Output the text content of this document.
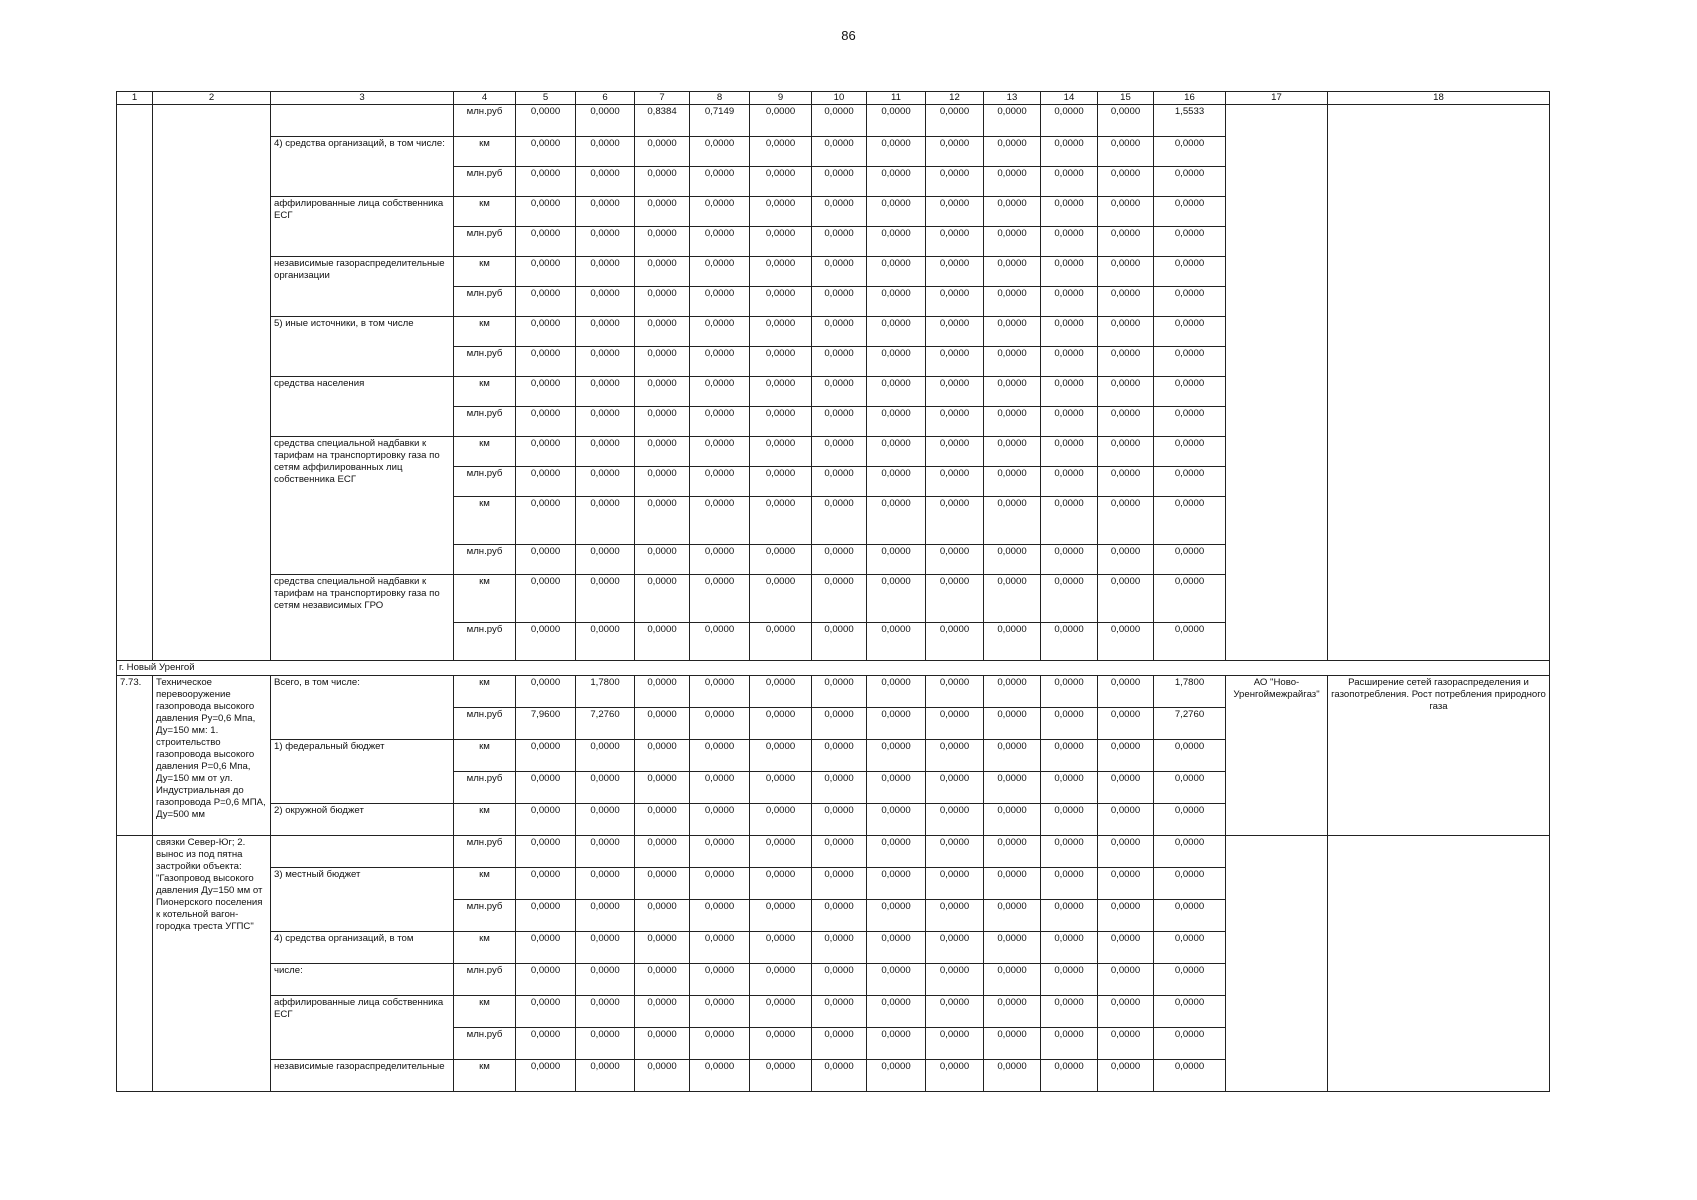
86
1	2	3	4	5	6	7	8	9	10	11	12	13	14	15	16	17	18
			млн.руб	0,0000	0,0000	0,8384	0,7149	0,0000	0,0000	0,0000	0,0000	0,0000	0,0000	0,0000	1,5533		
		4) средства организаций, в том числе:	км	0,0000	0,0000	0,0000	0,0000	0,0000	0,0000	0,0000	0,0000	0,0000	0,0000	0,0000	0,0000		
			млн.руб	0,0000	0,0000	0,0000	0,0000	0,0000	0,0000	0,0000	0,0000	0,0000	0,0000	0,0000	0,0000		
		аффилированные лица собственника ЕСГ	км	0,0000	0,0000	0,0000	0,0000	0,0000	0,0000	0,0000	0,0000	0,0000	0,0000	0,0000	0,0000		
			млн.руб	0,0000	0,0000	0,0000	0,0000	0,0000	0,0000	0,0000	0,0000	0,0000	0,0000	0,0000	0,0000		
		независимые газораспределительные организации	км	0,0000	0,0000	0,0000	0,0000	0,0000	0,0000	0,0000	0,0000	0,0000	0,0000	0,0000	0,0000		
			млн.руб	0,0000	0,0000	0,0000	0,0000	0,0000	0,0000	0,0000	0,0000	0,0000	0,0000	0,0000	0,0000		
		5) иные источники, в том числе	км	0,0000	0,0000	0,0000	0,0000	0,0000	0,0000	0,0000	0,0000	0,0000	0,0000	0,0000	0,0000		
			млн.руб	0,0000	0,0000	0,0000	0,0000	0,0000	0,0000	0,0000	0,0000	0,0000	0,0000	0,0000	0,0000		
		средства населения	км	0,0000	0,0000	0,0000	0,0000	0,0000	0,0000	0,0000	0,0000	0,0000	0,0000	0,0000	0,0000		
			млн.руб	0,0000	0,0000	0,0000	0,0000	0,0000	0,0000	0,0000	0,0000	0,0000	0,0000	0,0000	0,0000		
		средства специальной надбавки к тарифам на транспортировку газа по сетям аффилированных лиц собственника ЕСГ	км	0,0000	0,0000	0,0000	0,0000	0,0000	0,0000	0,0000	0,0000	0,0000	0,0000	0,0000	0,0000		
			млн.руб	0,0000	0,0000	0,0000	0,0000	0,0000	0,0000	0,0000	0,0000	0,0000	0,0000	0,0000	0,0000		
			км	0,0000	0,0000	0,0000	0,0000	0,0000	0,0000	0,0000	0,0000	0,0000	0,0000	0,0000	0,0000		
			млн.руб	0,0000	0,0000	0,0000	0,0000	0,0000	0,0000	0,0000	0,0000	0,0000	0,0000	0,0000	0,0000		
		средства специальной надбавки к тарифам на транспортировку газа по сетям независимых ГРО	км	0,0000	0,0000	0,0000	0,0000	0,0000	0,0000	0,0000	0,0000	0,0000	0,0000	0,0000	0,0000		
			млн.руб	0,0000	0,0000	0,0000	0,0000	0,0000	0,0000	0,0000	0,0000	0,0000	0,0000	0,0000	0,0000		
г. Новый Уренгой																	
7.73.	Техническое перевооружение газопровода высокого давления Ру=0,6 Мпа, Ду=150 мм: 1. строительство газопровода высокого давления Р=0,6 Мпа, Ду=150 мм от ул. Индустриальная до газопровода Р=0,6 МПА, Ду=500 мм	Всего, в том числе:	км	0,0000	1,7800	0,0000	0,0000	0,0000	0,0000	0,0000	0,0000	0,0000	0,0000	0,0000	1,7800	АО "Ново-Уренгоймежрайгаз"	Расширение сетей газораспределения и газопотребления. Рост потребления природного газа
			млн.руб	7,9600	7,2760	0,0000	0,0000	0,0000	0,0000	0,0000	0,0000	0,0000	0,0000	0,0000	7,2760		
		1) федеральный бюджет	км	0,0000	0,0000	0,0000	0,0000	0,0000	0,0000	0,0000	0,0000	0,0000	0,0000	0,0000	0,0000		
			млн.руб	0,0000	0,0000	0,0000	0,0000	0,0000	0,0000	0,0000	0,0000	0,0000	0,0000	0,0000	0,0000		
		2) окружной бюджет	км	0,0000	0,0000	0,0000	0,0000	0,0000	0,0000	0,0000	0,0000	0,0000	0,0000	0,0000	0,0000		
	связки Север-Юг; 2. вынос из под пятна застройки объекта: "Газопровод высокого давления Ду=150 мм от Пионерского поселения к котельной вагон-городка треста УГПС"		млн.руб	0,0000	0,0000	0,0000	0,0000	0,0000	0,0000	0,0000	0,0000	0,0000	0,0000	0,0000	0,0000		
		3) местный бюджет	км	0,0000	0,0000	0,0000	0,0000	0,0000	0,0000	0,0000	0,0000	0,0000	0,0000	0,0000	0,0000		
			млн.руб	0,0000	0,0000	0,0000	0,0000	0,0000	0,0000	0,0000	0,0000	0,0000	0,0000	0,0000	0,0000		
		4) средства организаций, в том	км	0,0000	0,0000	0,0000	0,0000	0,0000	0,0000	0,0000	0,0000	0,0000	0,0000	0,0000	0,0000		
		числе:	млн.руб	0,0000	0,0000	0,0000	0,0000	0,0000	0,0000	0,0000	0,0000	0,0000	0,0000	0,0000	0,0000		
		аффилированные лица собственника ЕСГ	км	0,0000	0,0000	0,0000	0,0000	0,0000	0,0000	0,0000	0,0000	0,0000	0,0000	0,0000	0,0000		
			млн.руб	0,0000	0,0000	0,0000	0,0000	0,0000	0,0000	0,0000	0,0000	0,0000	0,0000	0,0000	0,0000		
		независимые газораспределительные	км	0,0000	0,0000	0,0000	0,0000	0,0000	0,0000	0,0000	0,0000	0,0000	0,0000	0,0000	0,0000		
